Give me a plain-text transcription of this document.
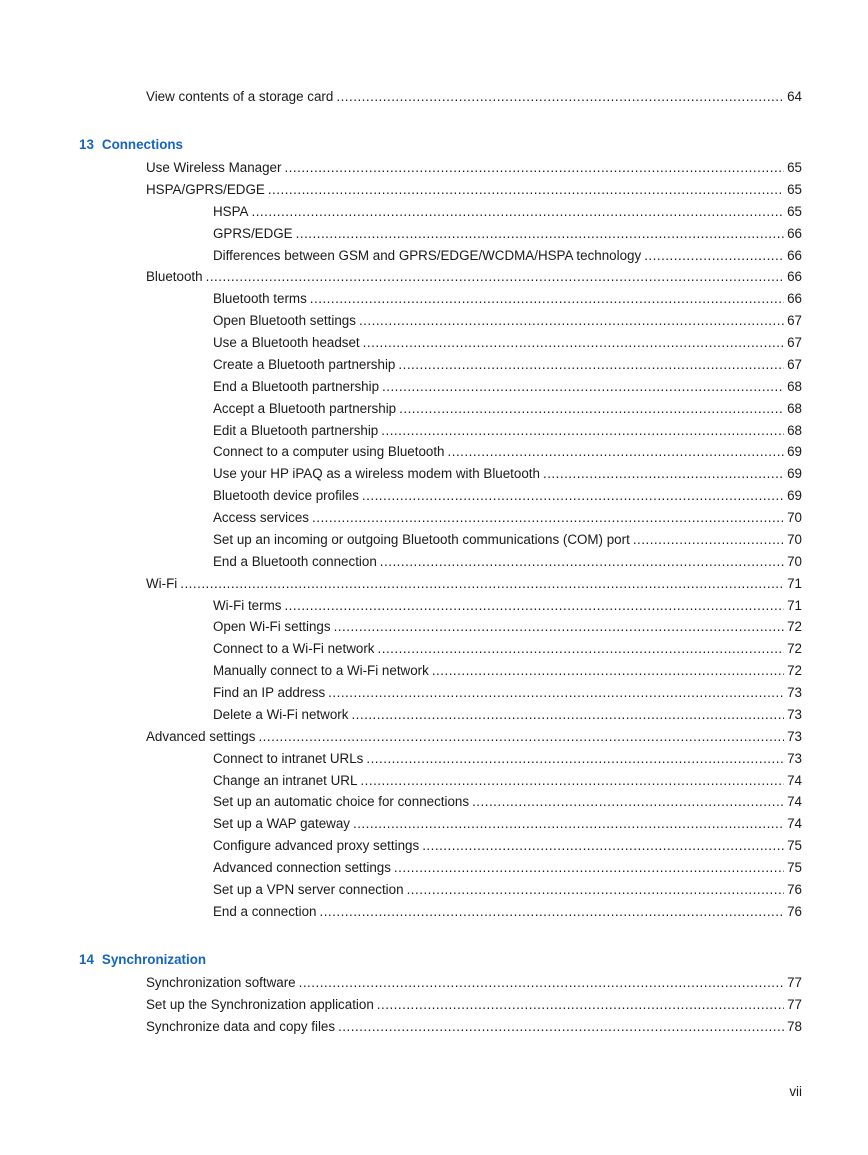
View contents of a storage card .....	64
13 Connections
Use Wireless Manager .....	65
HSPA/GPRS/EDGE .....	65
HSPA .....	65
GPRS/EDGE .....	66
Differences between GSM and GPRS/EDGE/WCDMA/HSPA technology .....	66
Bluetooth .....	66
Bluetooth terms .....	66
Open Bluetooth settings .....	67
Use a Bluetooth headset .....	67
Create a Bluetooth partnership .....	67
End a Bluetooth partnership .....	68
Accept a Bluetooth partnership .....	68
Edit a Bluetooth partnership .....	68
Connect to a computer using Bluetooth .....	69
Use your HP iPAQ as a wireless modem with Bluetooth .....	69
Bluetooth device profiles .....	69
Access services .....	70
Set up an incoming or outgoing Bluetooth communications (COM) port .....	70
End a Bluetooth connection .....	70
Wi-Fi .....	71
Wi-Fi terms .....	71
Open Wi-Fi settings .....	72
Connect to a Wi-Fi network .....	72
Manually connect to a Wi-Fi network .....	72
Find an IP address .....	73
Delete a Wi-Fi network .....	73
Advanced settings .....	73
Connect to intranet URLs .....	73
Change an intranet URL .....	74
Set up an automatic choice for connections .....	74
Set up a WAP gateway .....	74
Configure advanced proxy settings .....	75
Advanced connection settings .....	75
Set up a VPN server connection .....	76
End a connection .....	76
14 Synchronization
Synchronization software .....	77
Set up the Synchronization application .....	77
Synchronize data and copy files .....	78
vii
